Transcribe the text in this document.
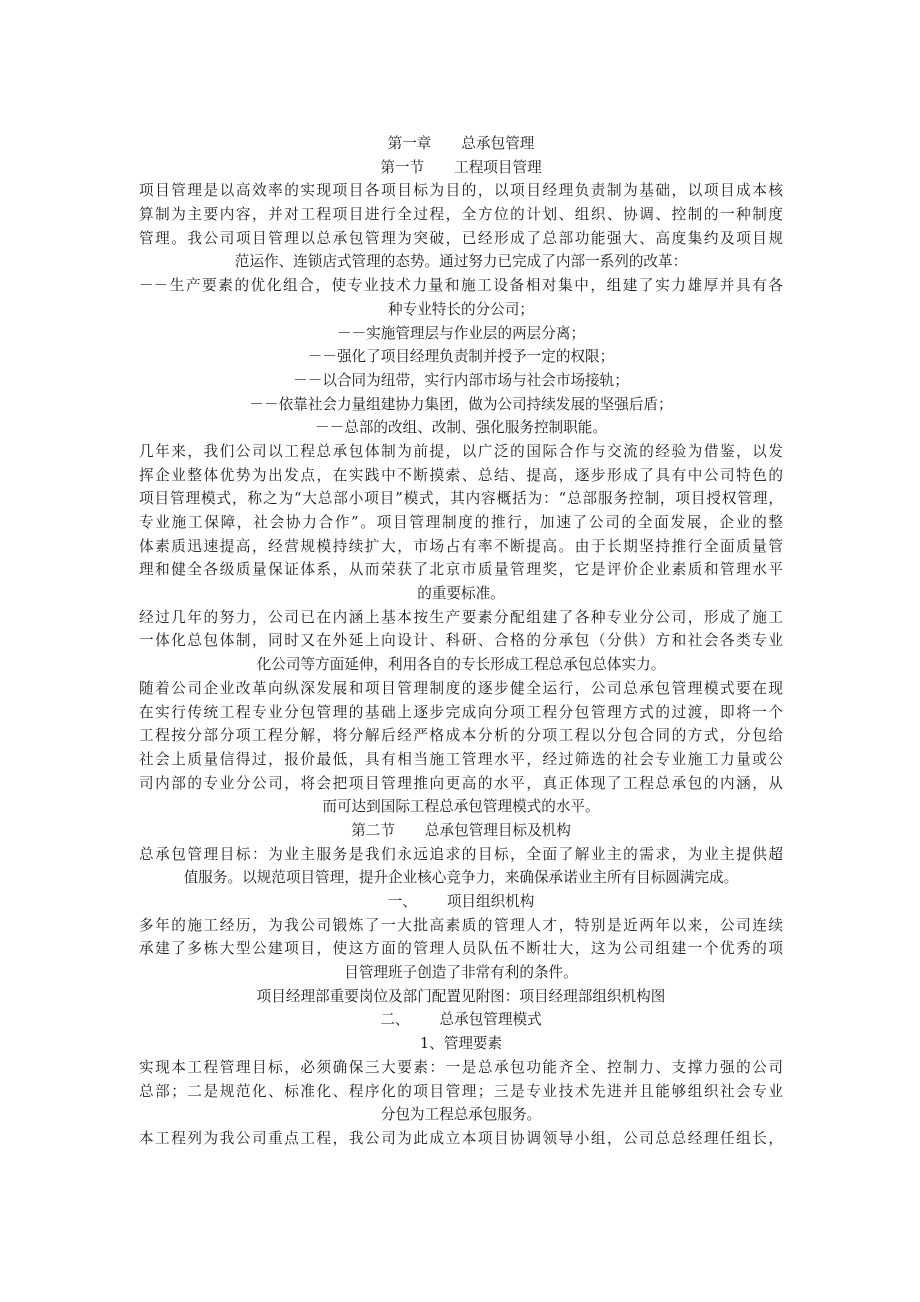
第一章 总承包管理
第一节 工程项目管理
项目管理是以高效率的实现项目各项目标为目的，以项目经理负责制为基础，以项目成本核
算制为主要内容，并对工程项目进行全过程，全方位的计划、组织、协调、控制的一种制度
管理。我公司项目管理以总承包管理为突破，已经形成了总部功能强大、高度集约及项目规
范运作、连锁店式管理的态势。通过努力已完成了内部一系列的改革：
－－生产要素的优化组合，使专业技术力量和施工设备相对集中，组建了实力雄厚并具有各
种专业特长的分公司；
－－实施管理层与作业层的两层分离；
－－强化了项目经理负责制并授予一定的权限；
－－以合同为纽带，实行内部市场与社会市场接轨；
－－依靠社会力量组建协力集团，做为公司持续发展的坚强后盾；
－－总部的改组、改制、强化服务控制职能。
几年来，我们公司以工程总承包体制为前提，以广泛的国际合作与交流的经验为借鉴，以发
挥企业整体优势为出发点，在实践中不断摸索、总结、提高，逐步形成了具有中公司特色的
项目管理模式，称之为“大总部小项目”模式，其内容概括为：“总部服务控制，项目授权管理，
专业施工保障，社会协力合作”。项目管理制度的推行，加速了公司的全面发展，企业的整
体素质迅速提高，经营规模持续扩大，市场占有率不断提高。由于长期坚持推行全面质量管
理和健全各级质量保证体系，从而荣获了北京市质量管理奖，它是评价企业素质和管理水平
的重要标准。
经过几年的努力，公司已在内涵上基本按生产要素分配组建了各种专业分公司，形成了施工
一体化总包体制，同时又在外延上向设计、科研、合格的分承包（分供）方和社会各类专业
化公司等方面延伸，利用各自的专长形成工程总承包总体实力。
随着公司企业改革向纵深发展和项目管理制度的逐步健全运行，公司总承包管理模式要在现
在实行传统工程专业分包管理的基础上逐步完成向分项工程分包管理方式的过渡，即将一个
工程按分部分项工程分解，将分解后经严格成本分析的分项工程以分包合同的方式，分包给
社会上质量信得过，报价最低，具有相当施工管理水平，经过筛选的社会专业施工力量或公
司内部的专业分公司，将会把项目管理推向更高的水平，真正体现了工程总承包的内涵，从
而可达到国际工程总承包管理模式的水平。
第二节 总承包管理目标及机构
总承包管理目标：为业主服务是我们永远追求的目标，全面了解业主的需求，为业主提供超
值服务。以规范项目管理，提升企业核心竞争力，来确保承诺业主所有目标圆满完成。
一、 项目组织机构
多年的施工经历，为我公司锻炼了一大批高素质的管理人才，特别是近两年以来，公司连续
承建了多栋大型公建项目，使这方面的管理人员队伍不断壮大，这为公司组建一个优秀的项
目管理班子创造了非常有利的条件。
项目经理部重要岗位及部门配置见附图：项目经理部组织机构图
二、 总承包管理模式
1、管理要素
实现本工程管理目标，必须确保三大要素：一是总承包功能齐全、控制力、支撑力强的公司
总部；二是规范化、标准化、程序化的项目管理；三是专业技术先进并且能够组织社会专业
分包为工程总承包服务。
本工程列为我公司重点工程，我公司为此成立本项目协调领导小组，公司总总经理任组长，
